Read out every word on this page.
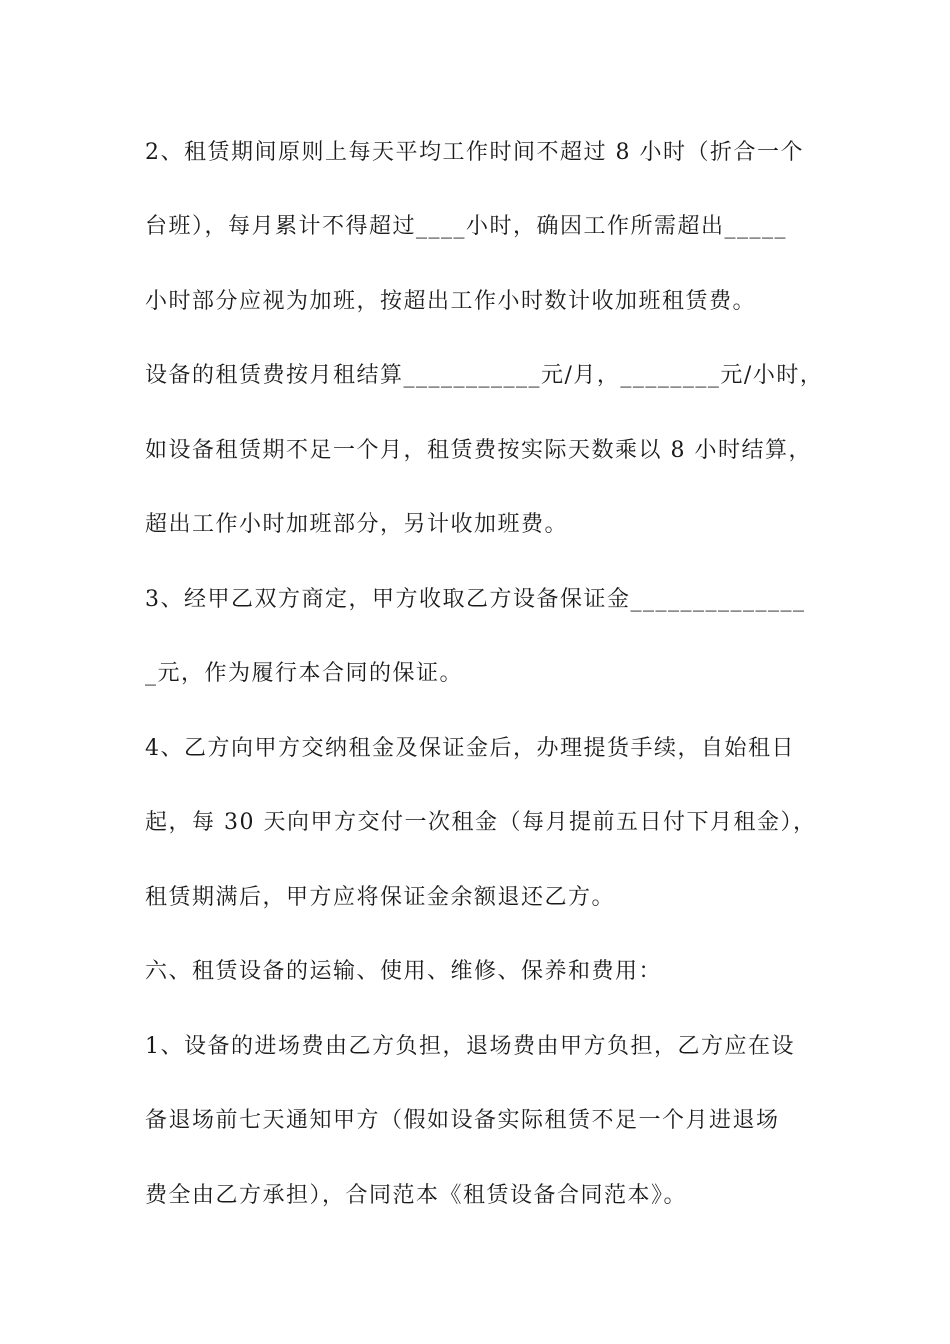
2、租赁期间原则上每天平均工作时间不超过 8 小时（折合一个
台班），每月累计不得超过____小时，确因工作所需超出_____
小时部分应视为加班，按超出工作小时数计收加班租赁费。
设备的租赁费按月租结算___________元/月，________元/小时，
如设备租赁期不足一个月，租赁费按实际天数乘以 8 小时结算，
超出工作小时加班部分，另计收加班费。
3、经甲乙双方商定，甲方收取乙方设备保证金______________
_元，作为履行本合同的保证。
4、乙方向甲方交纳租金及保证金后，办理提货手续，自始租日
起，每 30 天向甲方交付一次租金（每月提前五日付下月租金），
租赁期满后，甲方应将保证金余额退还乙方。
六、租赁设备的运输、使用、维修、保养和费用：
1、设备的进场费由乙方负担，退场费由甲方负担，乙方应在设
备退场前七天通知甲方（假如设备实际租赁不足一个月进退场
费全由乙方承担），合同范本《租赁设备合同范本》。
